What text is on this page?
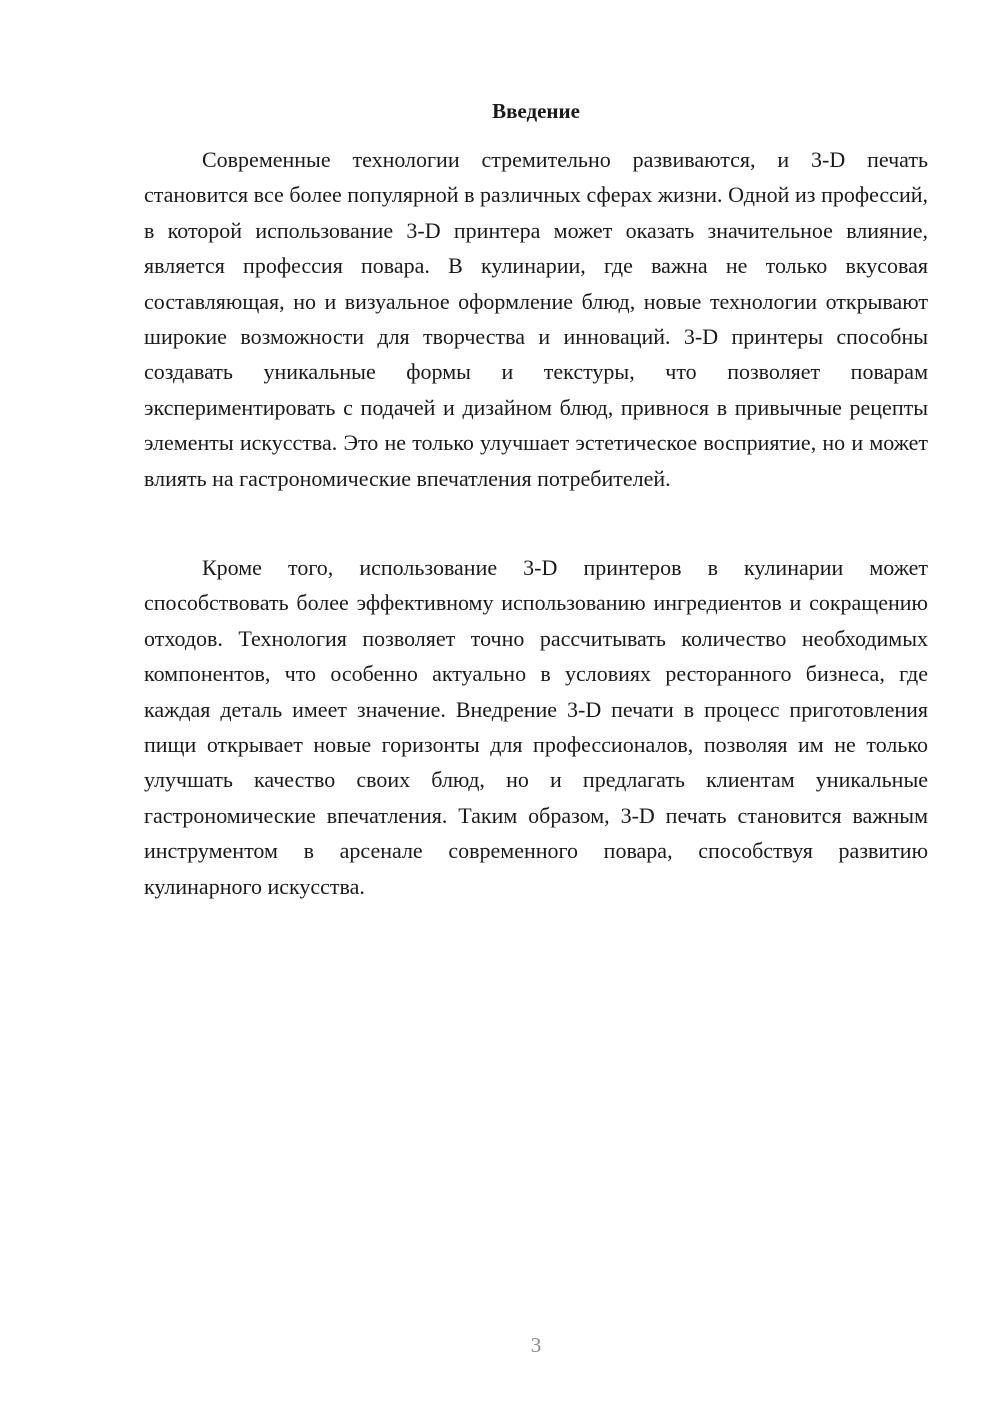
Введение

Современные технологии стремительно развиваются, и 3-D печать становится все более популярной в различных сферах жизни. Одной из профессий, в которой использование 3-D принтера может оказать значительное влияние, является профессия повара. В кулинарии, где важна не только вкусовая составляющая, но и визуальное оформление блюд, новые технологии открывают широкие возможности для творчества и инноваций. 3-D принтеры способны создавать уникальные формы и текстуры, что позволяет поварам экспериментировать с подачей и дизайном блюд, привнося в привычные рецепты элементы искусства. Это не только улучшает эстетическое восприятие, но и может влиять на гастрономические впечатления потребителей.

Кроме того, использование 3-D принтеров в кулинарии может способствовать более эффективному использованию ингредиентов и сокращению отходов. Технология позволяет точно рассчитывать количество необходимых компонентов, что особенно актуально в условиях ресторанного бизнеса, где каждая деталь имеет значение. Внедрение 3-D печати в процесс приготовления пищи открывает новые горизонты для профессионалов, позволяя им не только улучшать качество своих блюд, но и предлагать клиентам уникальные гастрономические впечатления. Таким образом, 3-D печать становится важным инструментом в арсенале современного повара, способствуя развитию кулинарного искусства.

3
